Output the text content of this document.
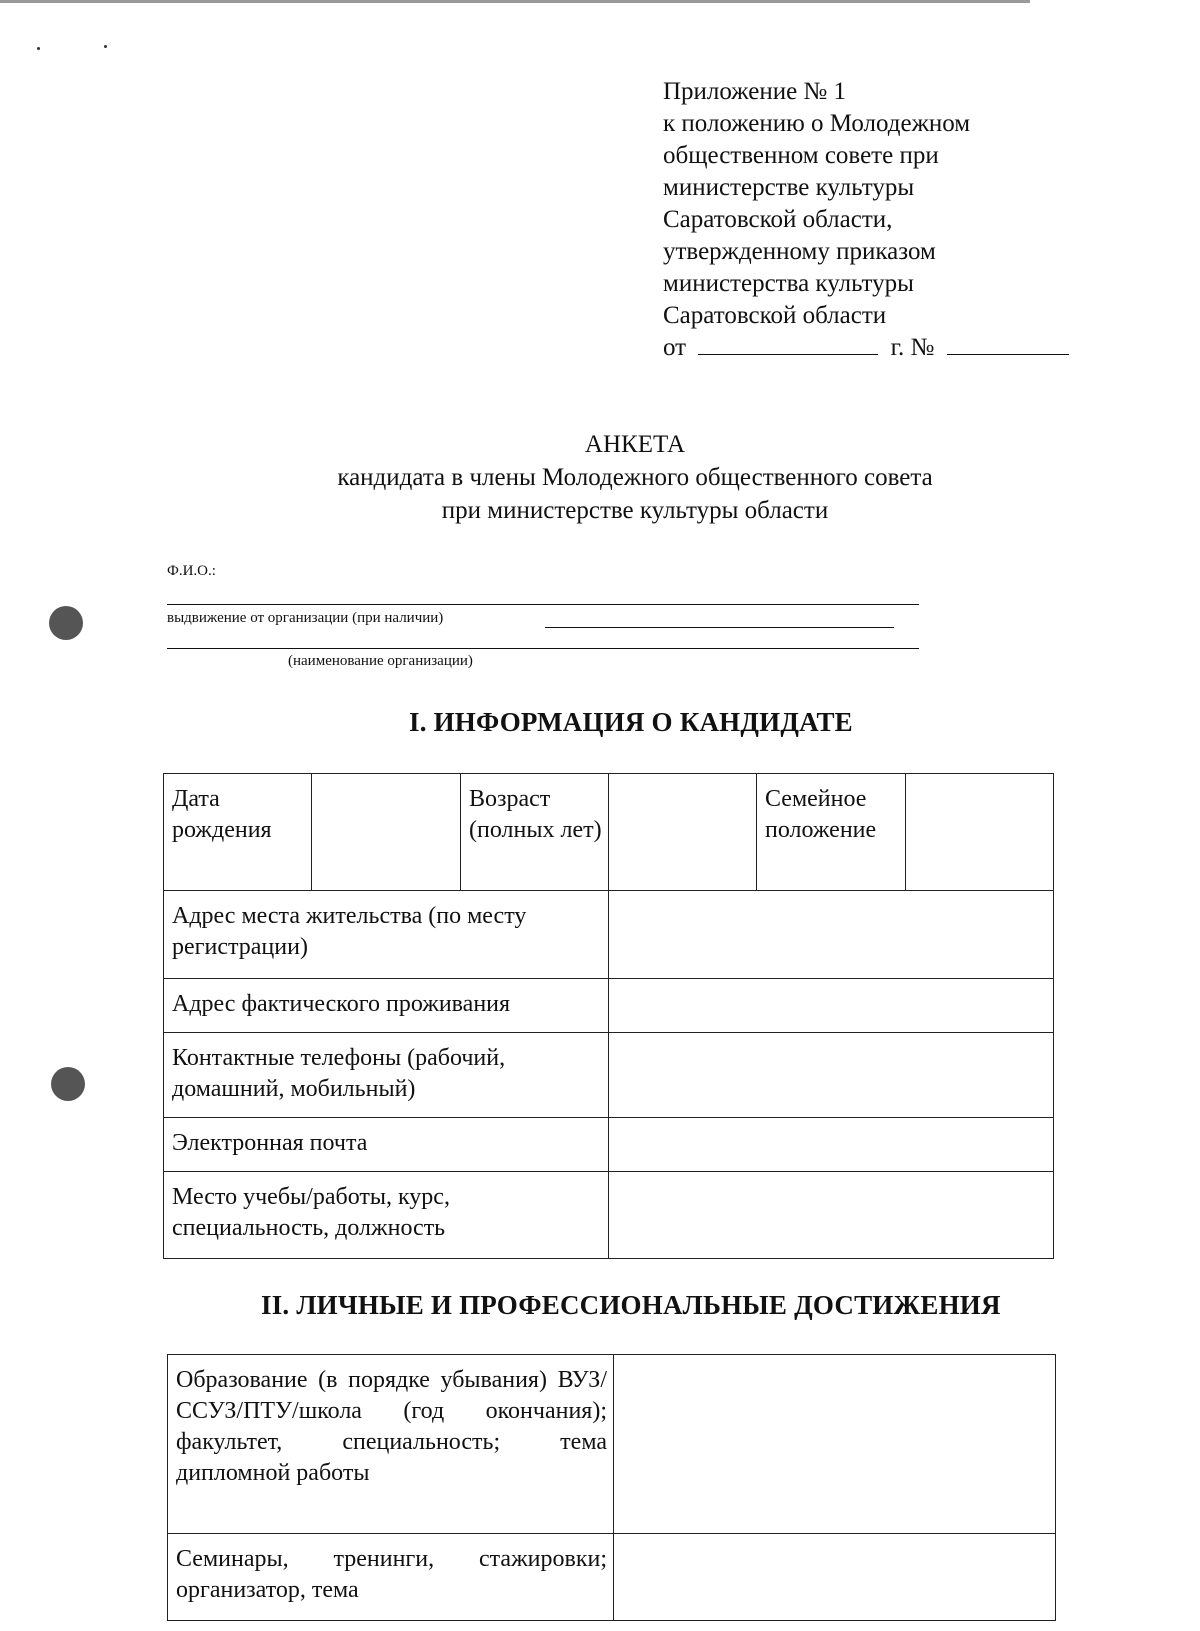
Приложение № 1
к положению о Молодежном
общественном совете при
министерстве культуры
Саратовской области,
утвержденному приказом
министерства культуры
Саратовской области
от	г. №
АНКЕТА
кандидата в члены Молодежного общественного совета
при министерстве культуры области
Ф.И.О.:
выдвижение от организации (при наличии)
(наименование организации)
I. ИНФОРМАЦИЯ О КАНДИДАТЕ
Дата рождения		Возраст (полных лет)		Семейное положение	
Адрес места жительства (по месту регистрации)					
Адрес фактического проживания					
Контактные телефоны (рабочий, домашний, мобильный)					
Электронная почта					
Место учебы/работы, курс, специальность, должность					
II. ЛИЧНЫЕ И ПРОФЕССИОНАЛЬНЫЕ ДОСТИЖЕНИЯ
Образование (в порядке убывания) ВУЗ/ССУЗ/ПТУ/школа (год окончания); факультет, специальность; тема дипломной работы	
Семинары, тренинги, стажировки; организатор, тема	
